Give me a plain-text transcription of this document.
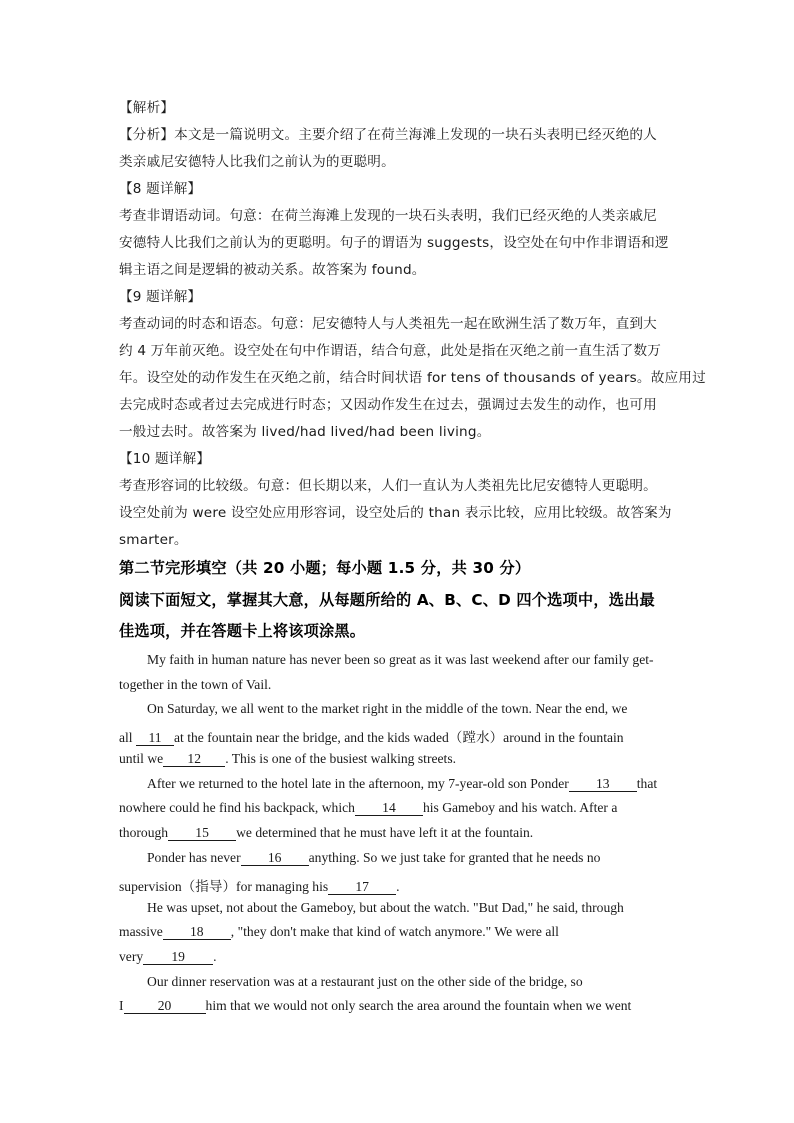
【解析】
【分析】本文是一篇说明文。主要介绍了在荷兰海滩上发现的一块石头表明已经灭绝的人
类亲戚尼安德特人比我们之前认为的更聪明。
【8 题详解】
考查非谓语动词。句意：在荷兰海滩上发现的一块石头表明，我们已经灭绝的人类亲戚尼
安德特人比我们之前认为的更聪明。句子的谓语为 suggests，设空处在句中作非谓语和逻
辑主语之间是逻辑的被动关系。故答案为 found。
【9 题详解】
考查动词的时态和语态。句意：尼安德特人与人类祖先一起在欧洲生活了数万年，直到大
约 4 万年前灭绝。设空处在句中作谓语，结合句意，此处是指在灭绝之前一直生活了数万
年。设空处的动作发生在灭绝之前，结合时间状语 for tens of thousands of years。故应用过
去完成时态或者过去完成进行时态；又因动作发生在过去，强调过去发生的动作，也可用
一般过去时。故答案为 lived/had lived/had been living。
【10 题详解】
考查形容词的比较级。句意：但长期以来，人们一直认为人类祖先比尼安德特人更聪明。
设空处前为 were 设空处应用形容词，设空处后的 than 表示比较，应用比较级。故答案为
smarter。
第二节完形填空（共 20 小题；每小题 1.5 分，共 30 分）
阅读下面短文，掌握其大意，从每题所给的 A、B、C、D 四个选项中，选出最
佳选项，并在答题卡上将该项涂黑。
My faith in human nature has never been so great as it was last weekend after our family get-
together in the town of Vail.
On Saturday, we all went to the market right in the middle of the town. Near the end, we
all 11 at the fountain near the bridge, and the kids waded（蹚水）around in the fountain
until we 12 . This is one of the busiest walking streets.
After we returned to the hotel late in the afternoon, my 7-year-old son Ponder 13 that
nowhere could he find his backpack, which 14 his Gameboy and his watch. After a
thorough 15 we determined that he must have left it at the fountain.
Ponder has never 16 anything. So we just take for granted that he needs no
supervision（指导）for managing his 17 .
He was upset, not about the Gameboy, but about the watch. "But Dad," he said, through
massive 18 , "they don't make that kind of watch anymore." We were all
very 19 .
Our dinner reservation was at a restaurant just on the other side of the bridge, so
I	20	him that we would not only search the area around the fountain when we went
